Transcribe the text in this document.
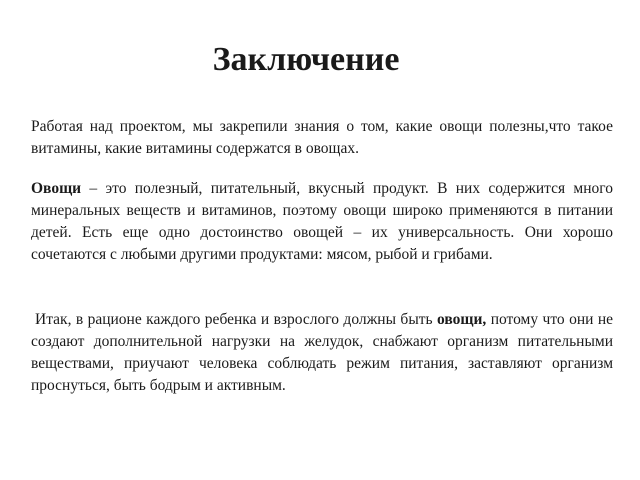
Заключение

Работая над проектом, мы закрепили знания о том, какие овощи полезны,что такое витамины, какие витамины содержатся в овощах.

Овощи – это полезный, питательный, вкусный продукт. В них содержится много минеральных веществ и витаминов, поэтому овощи широко применяются в питании детей. Есть еще одно достоинство овощей – их универсальность. Они хорошо сочетаются с любыми другими продуктами: мясом, рыбой и грибами.

Итак, в рационе каждого ребенка и взрослого должны быть овощи, потому что они не создают дополнительной нагрузки на желудок, снабжают организм питательными веществами, приучают человека соблюдать режим питания, заставляют организм проснуться, быть бодрым и активным.
